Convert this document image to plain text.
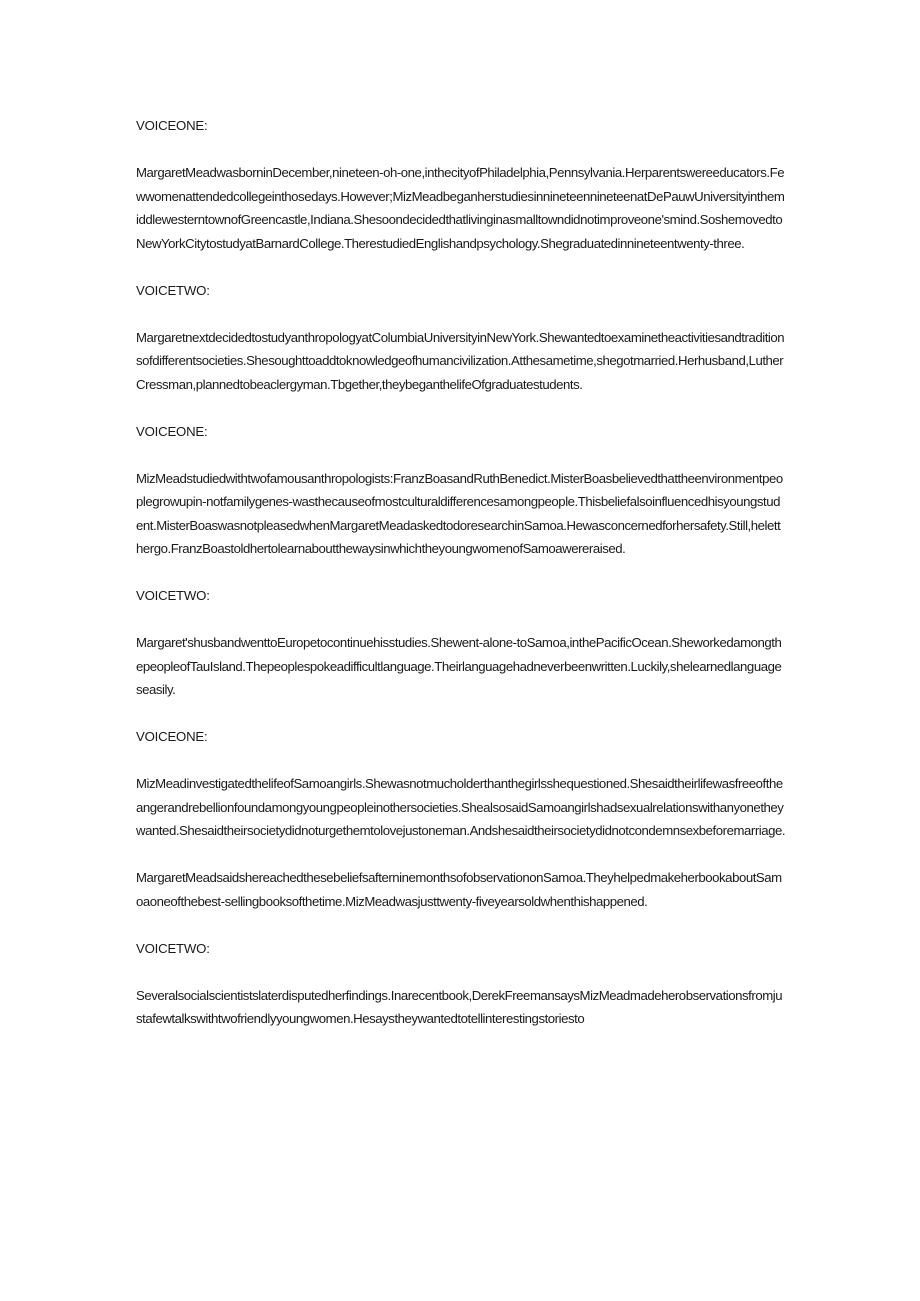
VOICEONE:

MargaretMeadwasborninDecember,nineteen-oh-one,inthecityofPhiladelphia,Pennsylvania.Herparentswereeducators.Fewwomenattendedcollegeinthosedays.However;MizMeadbeganherstudiesinnineteennineteenatDePauwUniversityinthemiddlewesterntownofGreencastle,Indiana.Shesoondecidedthatlivinginasmalltowndidnotimproveone'smind.SoshemovedtoNewYorkCitytostudyatBarnardCollege.TherestudiedEnglishandpsychology.Shegraduatedinnineteentwenty-three.

VOICETWO:

MargaretnextdecidedtostudyanthropologyatColumbiaUniversityinNewYork.Shewantedtoexaminetheactivitiesandtraditionsofdifferentsocieties.Shesoughttoaddtoknowledgeofhumancivilization.Atthesametime,shegotmarried.Herhusband,LutherCressman,plannedtobeaclergyman.Tbgether,theybeganthelifeOfgraduatestudents.

VOICEONE:

MizMeadstudiedwithtwofamousanthropologists:FranzBoasandRuthBenedict.MisterBoasbelievedthattheenvironmentpeoplegrowupin-notfamilygenes-wasthecauseofmostculturaldifferencesamongpeople.Thisbeliefalsoinfluencedhisyoungstudent.MisterBoaswasnotpleasedwhenMargaretMeadaskedtodoresearchinSamoa.Hewasconcernedforhersafety.Still,heletthergo.FranzBoastoldhertolearnaboutthewaysinwhichtheyoungwomenofSamoawereraised.

VOICETWO:

Margaret'shusbandwenttoEuropetocontinuehisstudies.Shewent-alone-toSamoa,inthePacificOcean.SheworkedamongthepeopleofTauIsland.Thepeoplespokeadifficultlanguage.Theirlanguagehadneverbeenwritten.Luckily,shelearnedlanguageseasily.

VOICEONE:

MizMeadinvestigatedthelifeofSamoangirls.Shewasnotmucholderthanthegirlsshequestioned.Shesaidtheirlifewasfreeoftheangerandrebellionfoundamongyoungpeopleinothersocieties.ShealsosaidSamoangirlshadsexualrelationswithanyonetheywanted.Shesaidtheirsocietydidnoturgethemtolovejustoneman.Andshesaidtheirsocietydidnotcondemnsexbeforemarriage.

MargaretMeadsaidshereachedthesebeliefsafterninemonthsofobservationonSamoa.TheyhelpedmakeherbookaboutSamoaoneofthebest-sellingbooksofthetime.MizMeadwasjusttwenty-fiveyearsoldwhenthishappened.

VOICETWO:

Severalsocialscientistslaterdisputedherfindings.Inarecentbook,DerekFreemansaysMizMeadmadeherobservationsfromjustafewtalkswithtwofriendlyyoungwomen.Hesaystheywantedtotellinterestingstoriesto
